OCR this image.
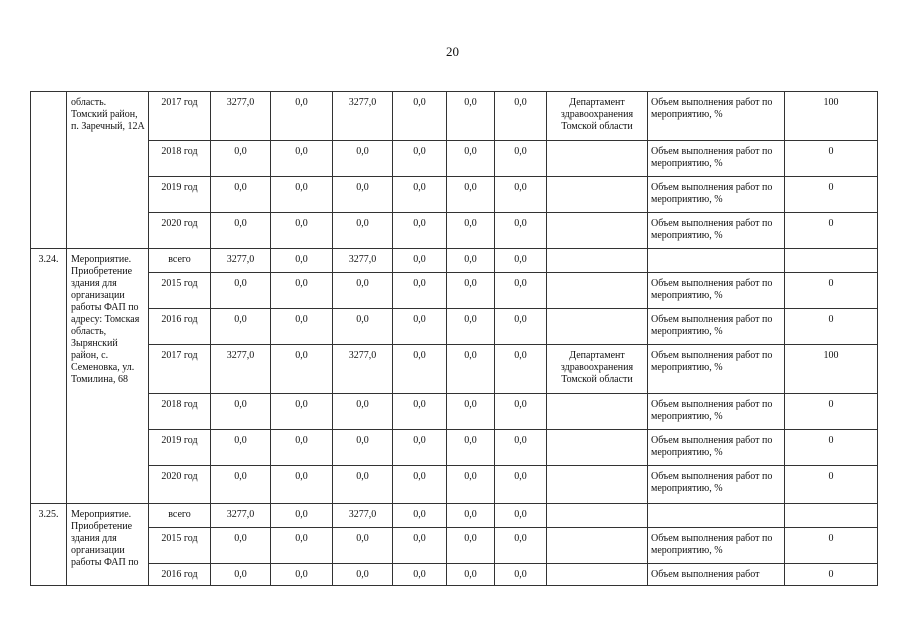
20
	область. Томский район, п. Заречный, 12А	2017 год	3277,0	0,0	3277,0	0,0	0,0	0,0	Департамент здравоохранения Томской области	Объем выполнения работ по мероприятию, %	100
		2018 год	0,0	0,0	0,0	0,0	0,0	0,0		Объем выполнения работ по мероприятию, %	0
		2019 год	0,0	0,0	0,0	0,0	0,0	0,0		Объем выполнения работ по мероприятию, %	0
		2020 год	0,0	0,0	0,0	0,0	0,0	0,0		Объем выполнения работ по мероприятию, %	0
3.24.	Мероприятие. Приобретение здания для организации работы ФАП по адресу: Томская область, Зырянский район, с. Семеновка, ул. Томилина, 68	всего	3277,0	0,0	3277,0	0,0	0,0	0,0			
		2015 год	0,0	0,0	0,0	0,0	0,0	0,0		Объем выполнения работ по мероприятию, %	0
		2016 год	0,0	0,0	0,0	0,0	0,0	0,0		Объем выполнения работ по мероприятию, %	0
		2017 год	3277,0	0,0	3277,0	0,0	0,0	0,0	Департамент здравоохранения Томской области	Объем выполнения работ по мероприятию, %	100
		2018 год	0,0	0,0	0,0	0,0	0,0	0,0		Объем выполнения работ по мероприятию, %	0
		2019 год	0,0	0,0	0,0	0,0	0,0	0,0		Объем выполнения работ по мероприятию, %	0
		2020 год	0,0	0,0	0,0	0,0	0,0	0,0		Объем выполнения работ по мероприятию, %	0
3.25.	Мероприятие. Приобретение здания для организации работы ФАП по	всего	3277,0	0,0	3277,0	0,0	0,0	0,0			
		2015 год	0,0	0,0	0,0	0,0	0,0	0,0		Объем выполнения работ по мероприятию, %	0
		2016 год	0,0	0,0	0,0	0,0	0,0	0,0		Объем выполнения работ	0
